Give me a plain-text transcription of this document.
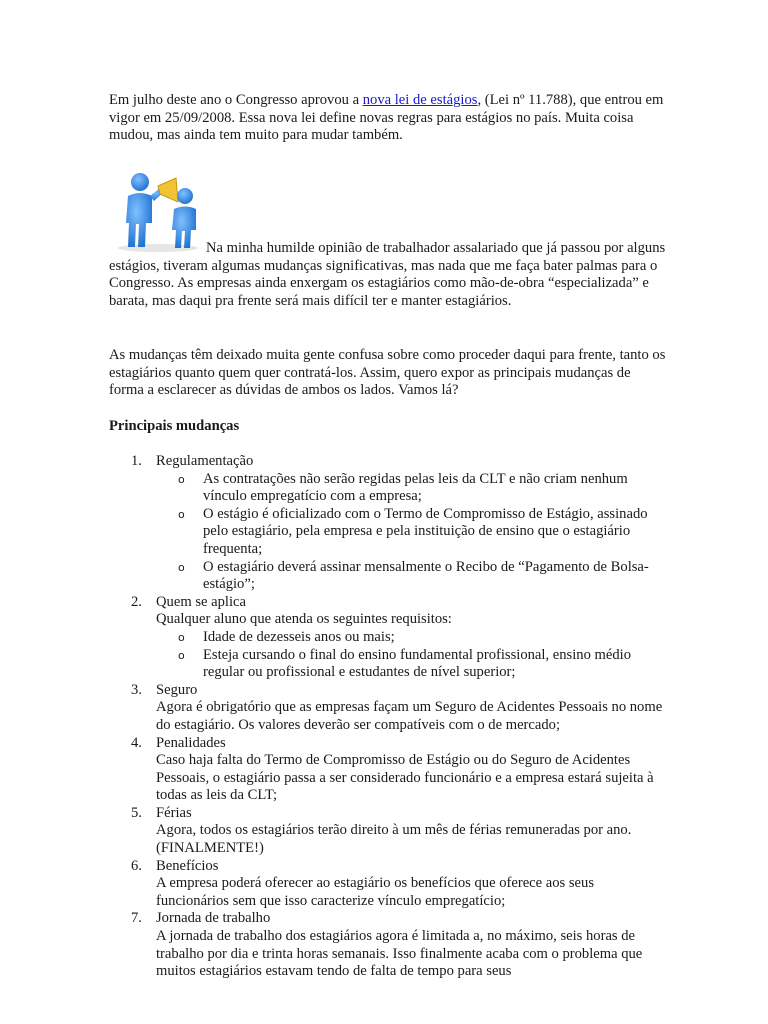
Em julho deste ano o Congresso aprovou a nova lei de estágios, (Lei nº 11.788), que entrou em vigor em 25/09/2008. Essa nova lei define novas regras para estágios no país. Muita coisa mudou, mas ainda tem muito para mudar também.

Na minha humilde opinião de trabalhador assalariado que já passou por alguns estágios, tiveram algumas mudanças significativas, mas nada que me faça bater palmas para o Congresso. As empresas ainda enxergam os estagiários como mão-de-obra “especializada” e barata, mas daqui pra frente será mais difícil ter e manter estagiários.

As mudanças têm deixado muita gente confusa sobre como proceder daqui para frente, tanto os estagiários quanto quem quer contratá-los. Assim, quero expor as principais mudanças de forma a esclarecer as dúvidas de ambos os lados. Vamos lá?

Principais mudanças

1. Regulamentação
o As contratações não serão regidas pelas leis da CLT e não criam nenhum vínculo empregatício com a empresa;
o O estágio é oficializado com o Termo de Compromisso de Estágio, assinado pelo estagiário, pela empresa e pela instituição de ensino que o estagiário frequenta;
o O estagiário deverá assinar mensalmente o Recibo de “Pagamento de Bolsa-estágio”;
2. Quem se aplica
Qualquer aluno que atenda os seguintes requisitos:
o Idade de dezesseis anos ou mais;
o Esteja cursando o final do ensino fundamental profissional, ensino médio regular ou profissional e estudantes de nível superior;
3. Seguro
Agora é obrigatório que as empresas façam um Seguro de Acidentes Pessoais no nome do estagiário. Os valores deverão ser compatíveis com o de mercado;
4. Penalidades
Caso haja falta do Termo de Compromisso de Estágio ou do Seguro de Acidentes Pessoais, o estagiário passa a ser considerado funcionário e a empresa estará sujeita à todas as leis da CLT;
5. Férias
Agora, todos os estagiários terão direito à um mês de férias remuneradas por ano. (FINALMENTE!)
6. Benefícios
A empresa poderá oferecer ao estagiário os benefícios que oferece aos seus funcionários sem que isso caracterize vínculo empregatício;
7. Jornada de trabalho
A jornada de trabalho dos estagiários agora é limitada a, no máximo, seis horas de trabalho por dia e trinta horas semanais. Isso finalmente acaba com o problema que muitos estagiários estavam tendo de falta de tempo para seus
